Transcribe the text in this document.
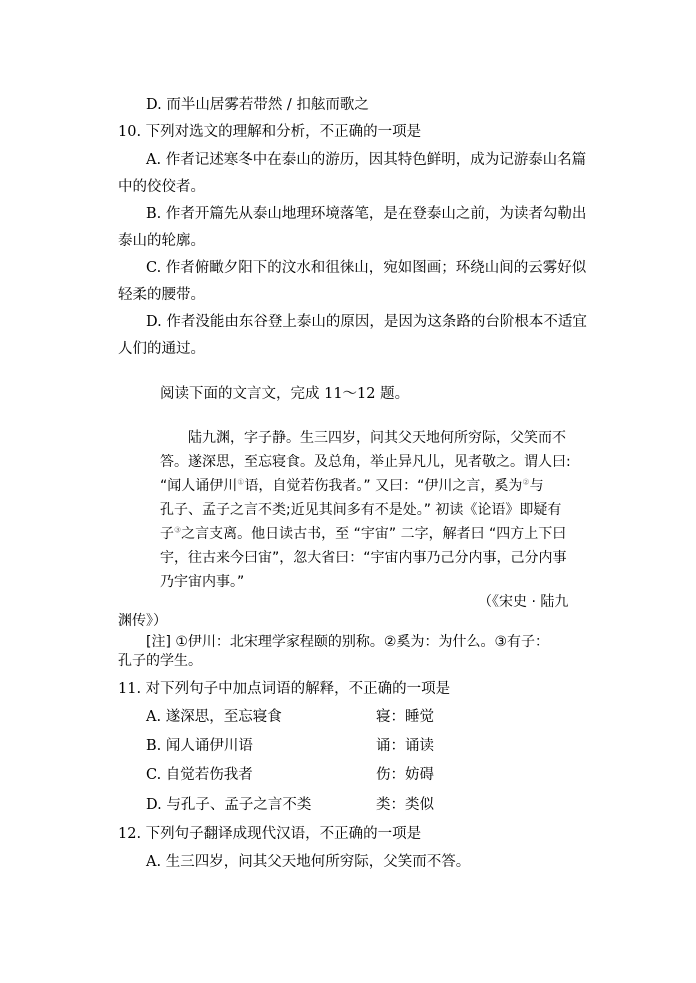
D. 而半山居雾若带然 / 扣舷而歌之
10. 下列对选文的理解和分析，不正确的一项是
A. 作者记述寒冬中在泰山的游历，因其特色鲜明，成为记游泰山名篇
中的佼佼者。
B. 作者开篇先从泰山地理环境落笔，是在登泰山之前，为读者勾勒出
泰山的轮廓。
C. 作者俯瞰夕阳下的汶水和徂徕山，宛如图画；环绕山间的云雾好似
轻柔的腰带。
D. 作者没能由东谷登上泰山的原因，是因为这条路的台阶根本不适宜
人们的通过。
阅读下面的文言文，完成 11～12 题。
陆九渊，字子静。生三四岁，问其父天地何所穷际，父笑而不
答。遂深思，至忘寝食。及总角，举止异凡儿，见者敬之。谓人曰:
“闻人诵伊川①语，自觉若伤我者。” 又曰：“伊川之言，奚为②与
孔子、孟子之言不类;近见其间多有不是处。” 初读《论语》即疑有
子③之言支离。他日读古书，至 “宇宙” 二字，解者曰 “四方上下曰
宇，往古来今曰宙”，忽大省曰：“宇宙内事乃己分内事，己分内事
乃宇宙内事。”
（《宋史 · 陆九
渊传》）
[注] ①伊川：北宋理学家程颐的别称。②奚为：为什么。③有子：
孔子的学生。
11. 对下列句子中加点词语的解释，不正确的一项是
A. 遂深思，至忘寝食	寝：睡觉
B. 闻人诵伊川语	诵：诵读
C. 自觉若伤我者	伤：妨碍
D. 与孔子、孟子之言不类	类：类似
12. 下列句子翻译成现代汉语，不正确的一项是
A. 生三四岁，问其父天地何所穷际，父笑而不答。
